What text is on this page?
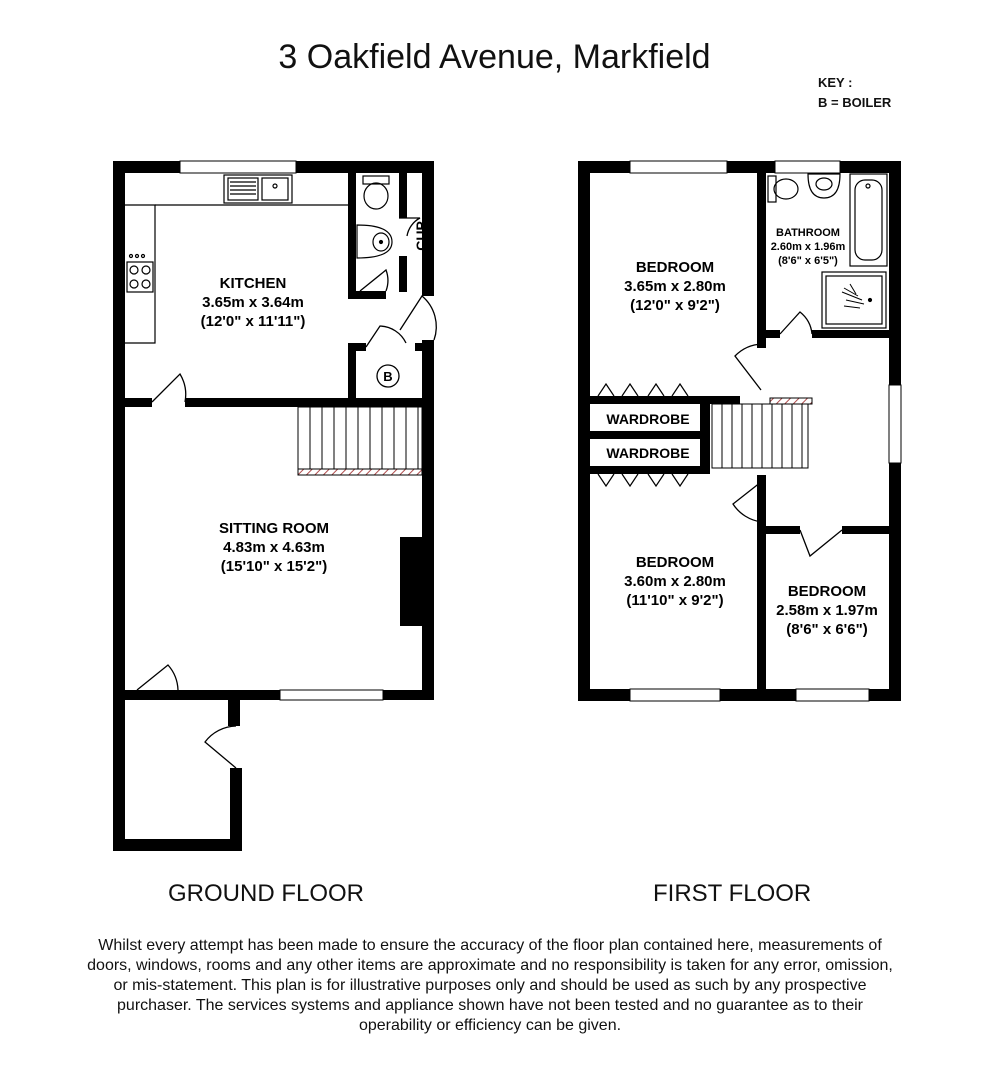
3 Oakfield Avenue, Markfield
KEY :
B = BOILER
B
CUP
KITCHEN
3.65m x 3.64m
(12'0" x 11'11")
SITTING ROOM
4.83m x 4.63m
(15'10" x 15'2")
WARDROBE
WARDROBE
BEDROOM
3.65m x 2.80m
(12'0" x 9'2")
BATHROOM
2.60m x 1.96m
(8'6" x 6'5")
BEDROOM
3.60m x 2.80m
(11'10" x 9'2")
BEDROOM
2.58m x 1.97m
(8'6" x 6'6")
GROUND FLOOR	FIRST FLOOR
Whilst every attempt has been made to ensure the accuracy of the floor plan contained here, measurements of doors, windows, rooms and any other items are approximate and no responsibility is taken for any error, omission, or mis-statement. This plan is for illustrative purposes only and should be used as such by any prospective purchaser. The services systems and appliance shown have not been tested and no guarantee as to their operability or efficiency can be given.
